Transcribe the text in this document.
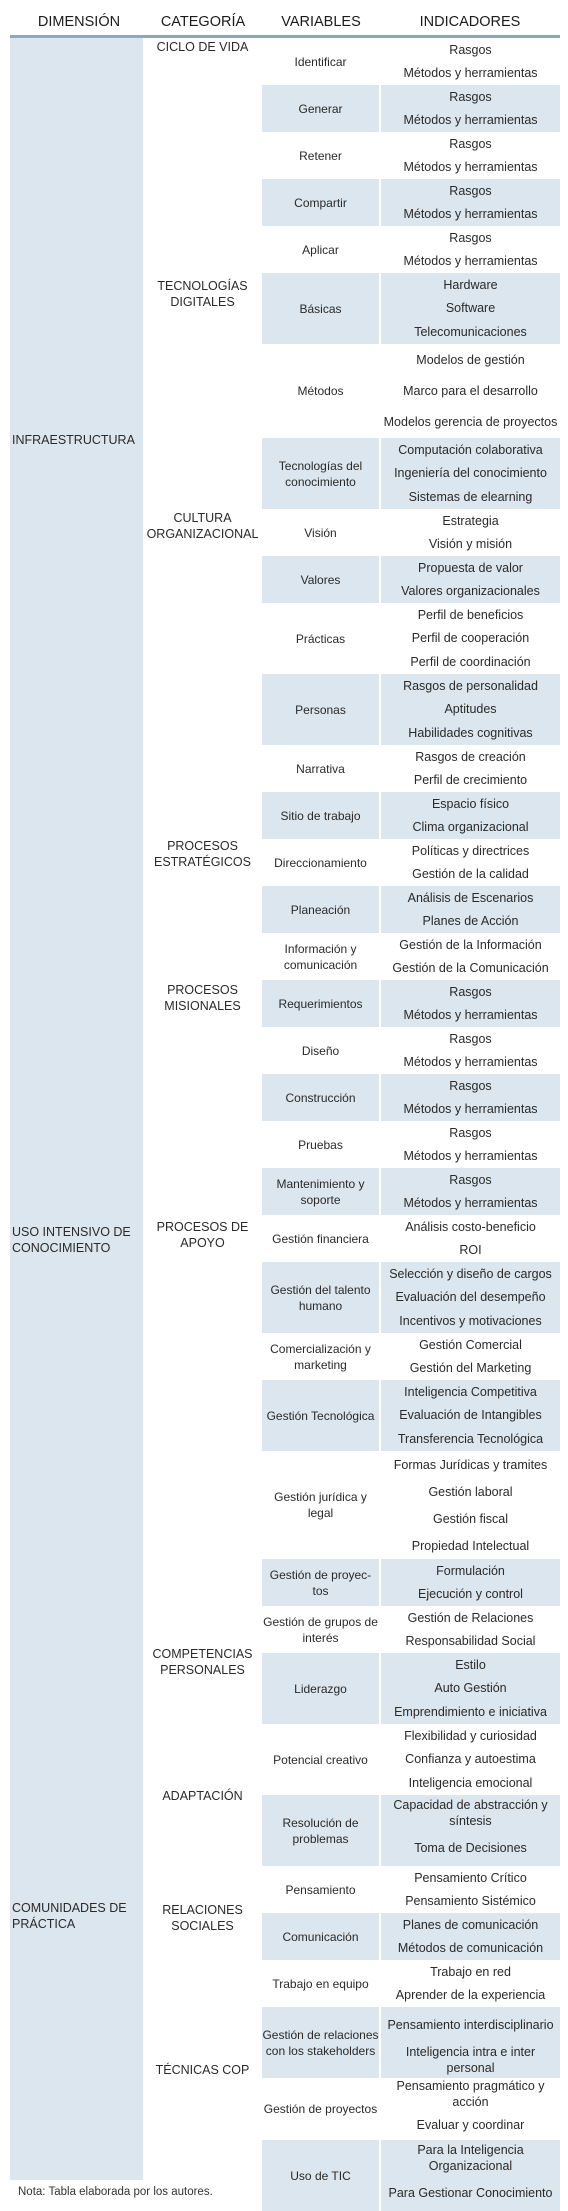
DIMENSIÓN	CATEGORÍA VARIABLES	INDICADORES
INFRAESTRUCTURA
USO INTENSIVO DE CONOCIMIENTO
COMUNIDADES DE PRÁCTICA
CICLO DE VIDA
TECNOLOGÍAS DIGITALES
CULTURA ORGANIZACIONAL
PROCESOS ESTRATÉGICOS
PROCESOS MISIONALES
PROCESOS DE APOYO
COMPETENCIAS PERSONALES
ADAPTACIÓN
RELACIONES SOCIALES
TÉCNICAS COP
Identificar
Rasgos
Métodos y herramientas
Generar
Rasgos
Métodos y herramientas
Retener
Rasgos
Métodos y herramientas
Compartir
Rasgos
Métodos y herramientas
Aplicar
Rasgos
Métodos y herramientas
Básicas
Hardware
Software
Telecomunicaciones
Métodos
Modelos de gestión
Marco para el desarrollo
Modelos gerencia de proyectos
Tecnologías del conocimiento
Computación colaborativa
Ingeniería del conocimiento
Sistemas de elearning
Visión
Estrategia
Visión y misión
Valores
Propuesta de valor
Valores organizacionales
Prácticas
Perfil de beneficios
Perfil de cooperación
Perfil de coordinación
Personas
Rasgos de personalidad
Aptitudes
Habilidades cognitivas
Narrativa
Rasgos de creación
Perfil de crecimiento
Sitio de trabajo
Espacio físico
Clima organizacional
Direccionamiento
Políticas y directrices
Gestión de la calidad
Planeación
Análisis de Escenarios
Planes de Acción
Información y comunicación
Gestión de la Información
Gestión de la Comunicación
Requerimientos
Rasgos
Métodos y herramientas
Diseño
Rasgos
Métodos y herramientas
Construcción
Rasgos
Métodos y herramientas
Pruebas
Rasgos
Métodos y herramientas
Mantenimiento y soporte
Rasgos
Métodos y herramientas
Gestión financiera
Análisis costo-beneficio
ROI
Gestión del talento humano
Selección y diseño de cargos
Evaluación del desempeño
Incentivos y motivaciones
Comercialización y marketing
Gestión Comercial
Gestión del Marketing
Gestión Tecnológica
Inteligencia Competitiva
Evaluación de Intangibles
Transferencia Tecnológica
Gestión jurídica y legal
Formas Jurídicas y tramites
Gestión laboral
Gestión fiscal
Propiedad Intelectual
Gestión de proyec-tos
Formulación
Ejecución y control
Gestión de grupos de interés
Gestión de Relaciones
Responsabilidad Social
Liderazgo
Estilo
Auto Gestión
Emprendimiento e iniciativa
Potencial creativo
Flexibilidad y curiosidad
Confianza y autoestima
Inteligencia emocional
Resolución de problemas
Capacidad de abstracción y síntesis
Toma de Decisiones
Pensamiento
Pensamiento Crítico
Pensamiento Sistémico
Comunicación
Planes de comunicación
Métodos de comunicación
Trabajo en equipo
Trabajo en red
Aprender de la experiencia
Gestión de relaciones con los stakeholders
Pensamiento interdisciplinario
Inteligencia intra e inter personal
Gestión de proyectos
Pensamiento pragmático y acción
Evaluar y coordinar
Uso de TIC
Para la Inteligencia Organizacional
Para Gestionar Conocimiento
Nota: Tabla elaborada por los autores.
